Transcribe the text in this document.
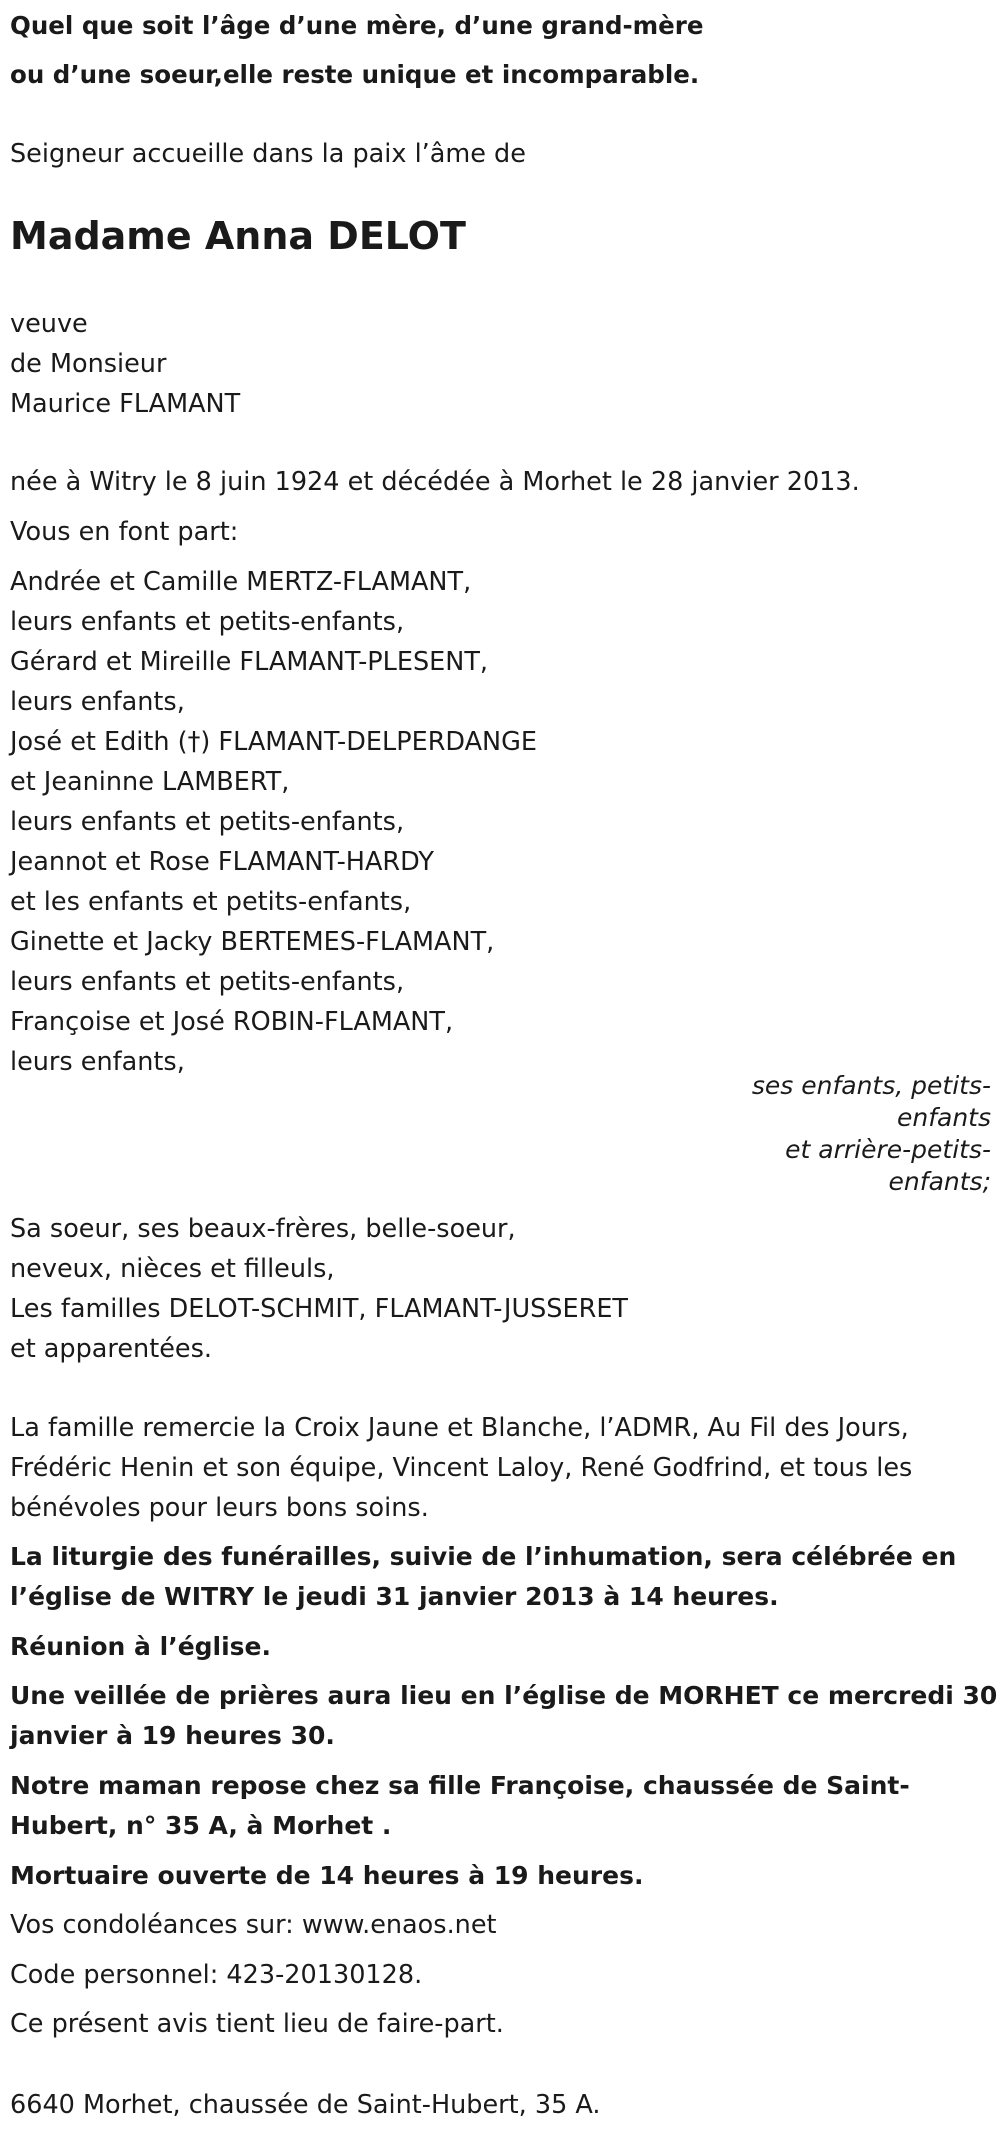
Quel que soit l’âge d’une mère, d’une grand-mère
ou d’une soeur,elle reste unique et incomparable.
Seigneur accueille dans la paix l’âme de
Madame Anna DELOT
veuve
de Monsieur
Maurice FLAMANT
née à Witry le 8 juin 1924 et décédée à Morhet le 28 janvier 2013.
Vous en font part:
Andrée et Camille MERTZ-FLAMANT,
leurs enfants et petits-enfants,
Gérard et Mireille FLAMANT-PLESENT,
leurs enfants,
José et Edith (†) FLAMANT-DELPERDANGE
et Jeaninne LAMBERT,
leurs enfants et petits-enfants,
Jeannot et Rose FLAMANT-HARDY
et les enfants et petits-enfants,
Ginette et Jacky BERTEMES-FLAMANT,
leurs enfants et petits-enfants,
Françoise et José ROBIN-FLAMANT,
leurs enfants,
ses enfants, petits-
enfants
et arrière-petits-
enfants;
Sa soeur, ses beaux-frères, belle-soeur,
neveux, nièces et filleuls,
Les familles DELOT-SCHMIT, FLAMANT-JUSSERET
et apparentées.
La famille remercie la Croix Jaune et Blanche, l’ADMR, Au Fil des Jours,
Frédéric Henin et son équipe, Vincent Laloy, René Godfrind, et tous les
bénévoles pour leurs bons soins.
La liturgie des funérailles, suivie de l’inhumation, sera célébrée en
l’église de WITRY le jeudi 31 janvier 2013 à 14 heures.
Réunion à l’église.
Une veillée de prières aura lieu en l’église de MORHET ce mercredi 30
janvier à 19 heures 30.
Notre maman repose chez sa fille Françoise, chaussée de Saint-
Hubert, n° 35 A, à Morhet .
Mortuaire ouverte de 14 heures à 19 heures.
Vos condoléances sur: www.enaos.net
Code personnel: 423-20130128.
Ce présent avis tient lieu de faire-part.
6640 Morhet, chaussée de Saint-Hubert, 35 A.
